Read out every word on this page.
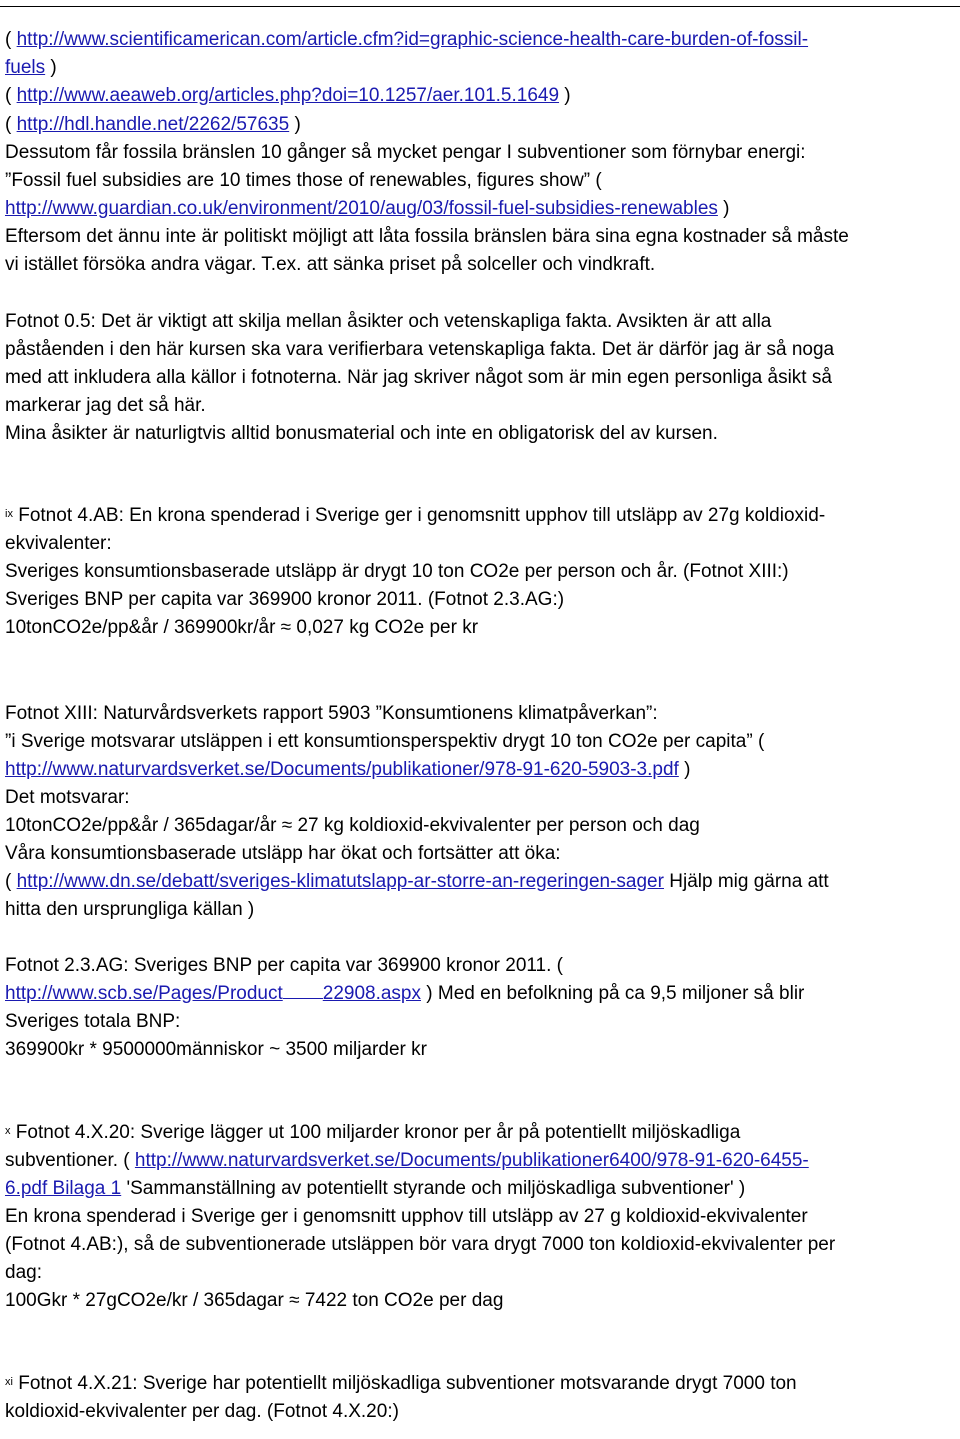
( http://www.scientificamerican.com/article.cfm?id=graphic-science-health-care-burden-of-fossil-
fuels )
( http://www.aeaweb.org/articles.php?doi=10.1257/aer.101.5.1649 )
( http://hdl.handle.net/2262/57635 )
Dessutom får fossila bränslen 10 gånger så mycket pengar I subventioner som förnybar energi:
”Fossil fuel subsidies are 10 times those of renewables, figures show” (
http://www.guardian.co.uk/environment/2010/aug/03/fossil-fuel-subsidies-renewables )
Eftersom det ännu inte är politiskt möjligt att låta fossila bränslen bära sina egna kostnader så måste
vi istället försöka andra vägar. T.ex. att sänka priset på solceller och vindkraft.
Fotnot 0.5: Det är viktigt att skilja mellan åsikter och vetenskapliga fakta. Avsikten är att alla
påståenden i den här kursen ska vara verifierbara vetenskapliga fakta. Det är därför jag är så noga
med att inkludera alla källor i fotnoterna. När jag skriver något som är min egen personliga åsikt så
markerar jag det så här.
Mina åsikter är naturligtvis alltid bonusmaterial och inte en obligatorisk del av kursen.
$^{ix}$ Fotnot 4.AB: En krona spenderad i Sverige ger i genomsnitt upphov till utsläpp av 27g koldioxid-
ekvivalenter:
Sveriges konsumtionsbaserade utsläpp är drygt 10 ton CO2e per person och år. (Fotnot XIII:)
Sveriges BNP per capita var 369900 kronor 2011. (Fotnot 2.3.AG:)
10tonCO2e/pp&år / 369900kr/år ≈ 0,027 kg CO2e per kr
Fotnot XIII: Naturvårdsverkets rapport 5903 ”Konsumtionens klimatpåverkan”:
”i Sverige motsvarar utsläppen i ett konsumtionsperspektiv drygt 10 ton CO2e per capita” (
http://www.naturvardsverket.se/Documents/publikationer/978-91-620-5903-3.pdf )
Det motsvarar:
10tonCO2e/pp&år / 365dagar/år ≈ 27 kg koldioxid-ekvivalenter per person och dag
Våra konsumtionsbaserade utsläpp har ökat och fortsätter att öka:
( http://www.dn.se/debatt/sveriges-klimatutslapp-ar-storre-an-regeringen-sager Hjälp mig gärna att
hitta den ursprungliga källan )
Fotnot 2.3.AG: Sveriges BNP per capita var 369900 kronor 2011. (
http://www.scb.se/Pages/Product 22908.aspx ) Med en befolkning på ca 9,5 miljoner så blir
Sveriges totala BNP:
369900kr * 9500000människor ~ 3500 miljarder kr
$^x$ Fotnot 4.X.20: Sverige lägger ut 100 miljarder kronor per år på potentiellt miljöskadliga
subventioner. ( http://www.naturvardsverket.se/Documents/publikationer6400/978-91-620-6455-
6.pdf Bilaga 1 'Sammanställning av potentiellt styrande och miljöskadliga subventioner' )
En krona spenderad i Sverige ger i genomsnitt upphov till utsläpp av 27 g koldioxid-ekvivalenter
(Fotnot 4.AB:), så de subventionerade utsläppen bör vara drygt 7000 ton koldioxid-ekvivalenter per
dag:
100Gkr * 27gCO2e/kr / 365dagar ≈ 7422 ton CO2e per dag
$^{xi}$ Fotnot 4.X.21: Sverige har potentiellt miljöskadliga subventioner motsvarande drygt 7000 ton
koldioxid-ekvivalenter per dag. (Fotnot 4.X.20:)
